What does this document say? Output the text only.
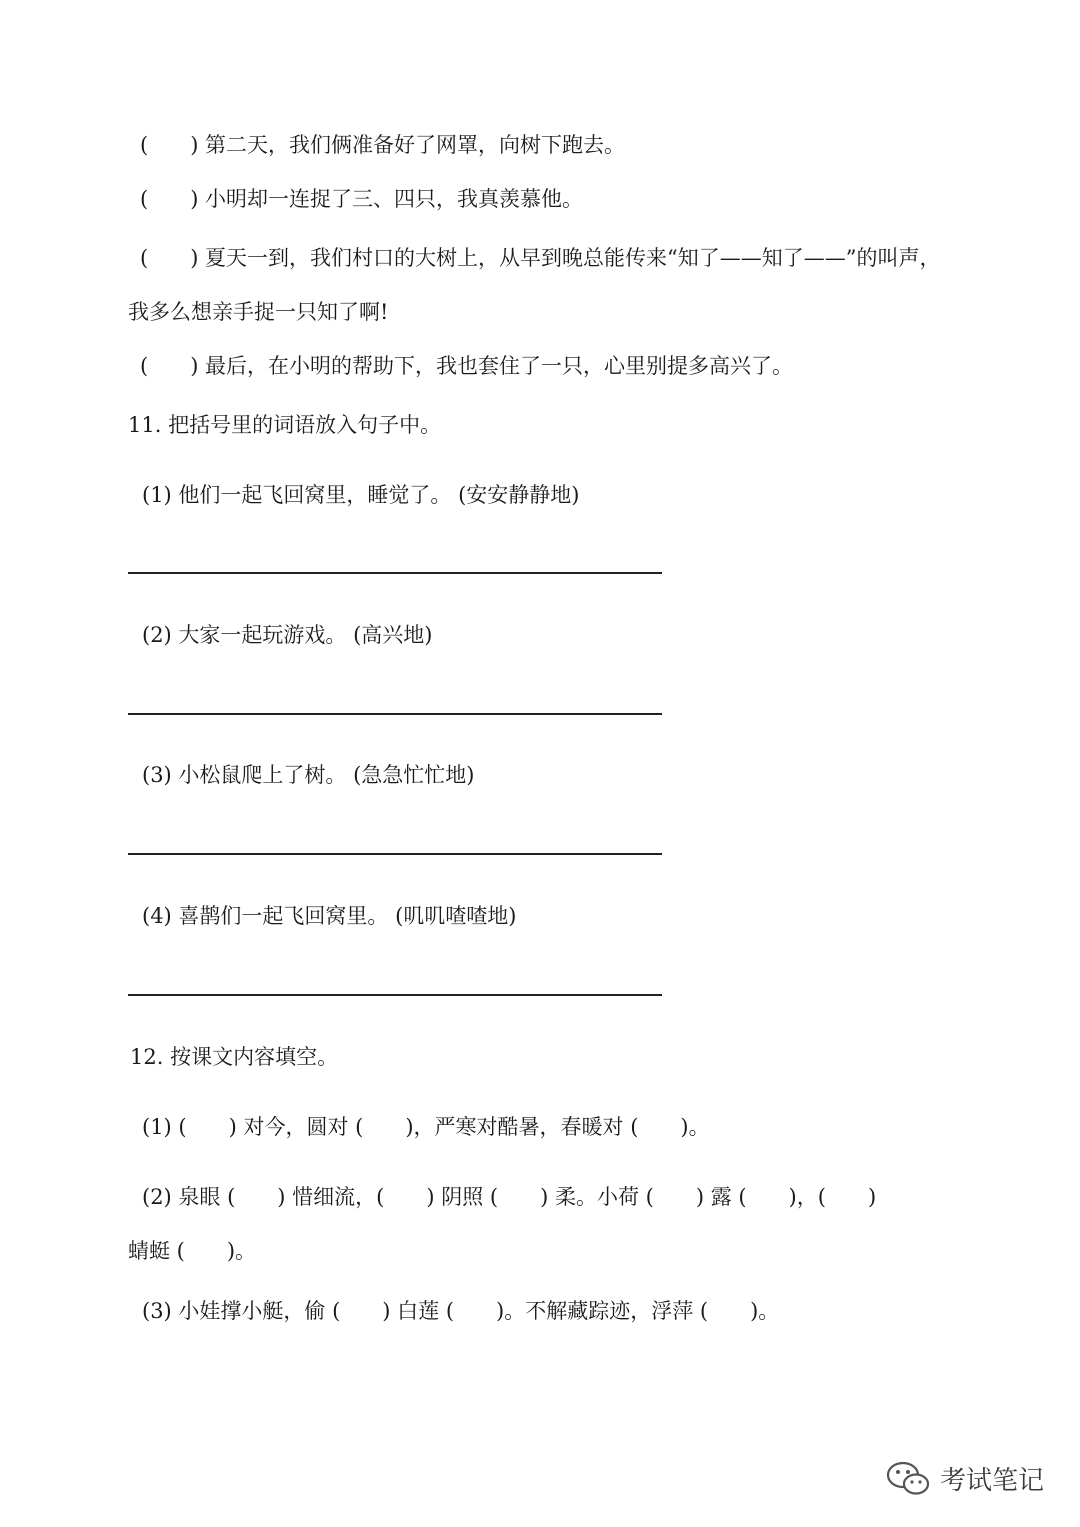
(　　) 第二天，我们俩准备好了网罩，向树下跑去。
(　　) 小明却一连捉了三、四只，我真羡慕他。
(　　) 夏天一到，我们村口的大树上，从早到晚总能传来“知了——知了——”的叫声，
我多么想亲手捉一只知了啊!
(　　) 最后，在小明的帮助下，我也套住了一只，心里别提多高兴了。
11. 把括号里的词语放入句子中。
(1) 他们一起飞回窝里，睡觉了。 (安安静静地)
(2) 大家一起玩游戏。 (高兴地)
(3) 小松鼠爬上了树。 (急急忙忙地)
(4) 喜鹊们一起飞回窝里。 (叽叽喳喳地)
12. 按课文内容填空。
(1) (　　) 对今，圆对 (　　)，严寒对酷暑，春暖对 (　　)。
(2) 泉眼 (　　) 惜细流，(　　) 阴照 (　　) 柔。小荷 (　　) 露 (　　)，(　　)
蜻蜓 (　　)。
(3) 小娃撑小艇，偷 (　　) 白莲 (　　)。不解藏踪迹，浮萍 (　　)。
考试笔记
